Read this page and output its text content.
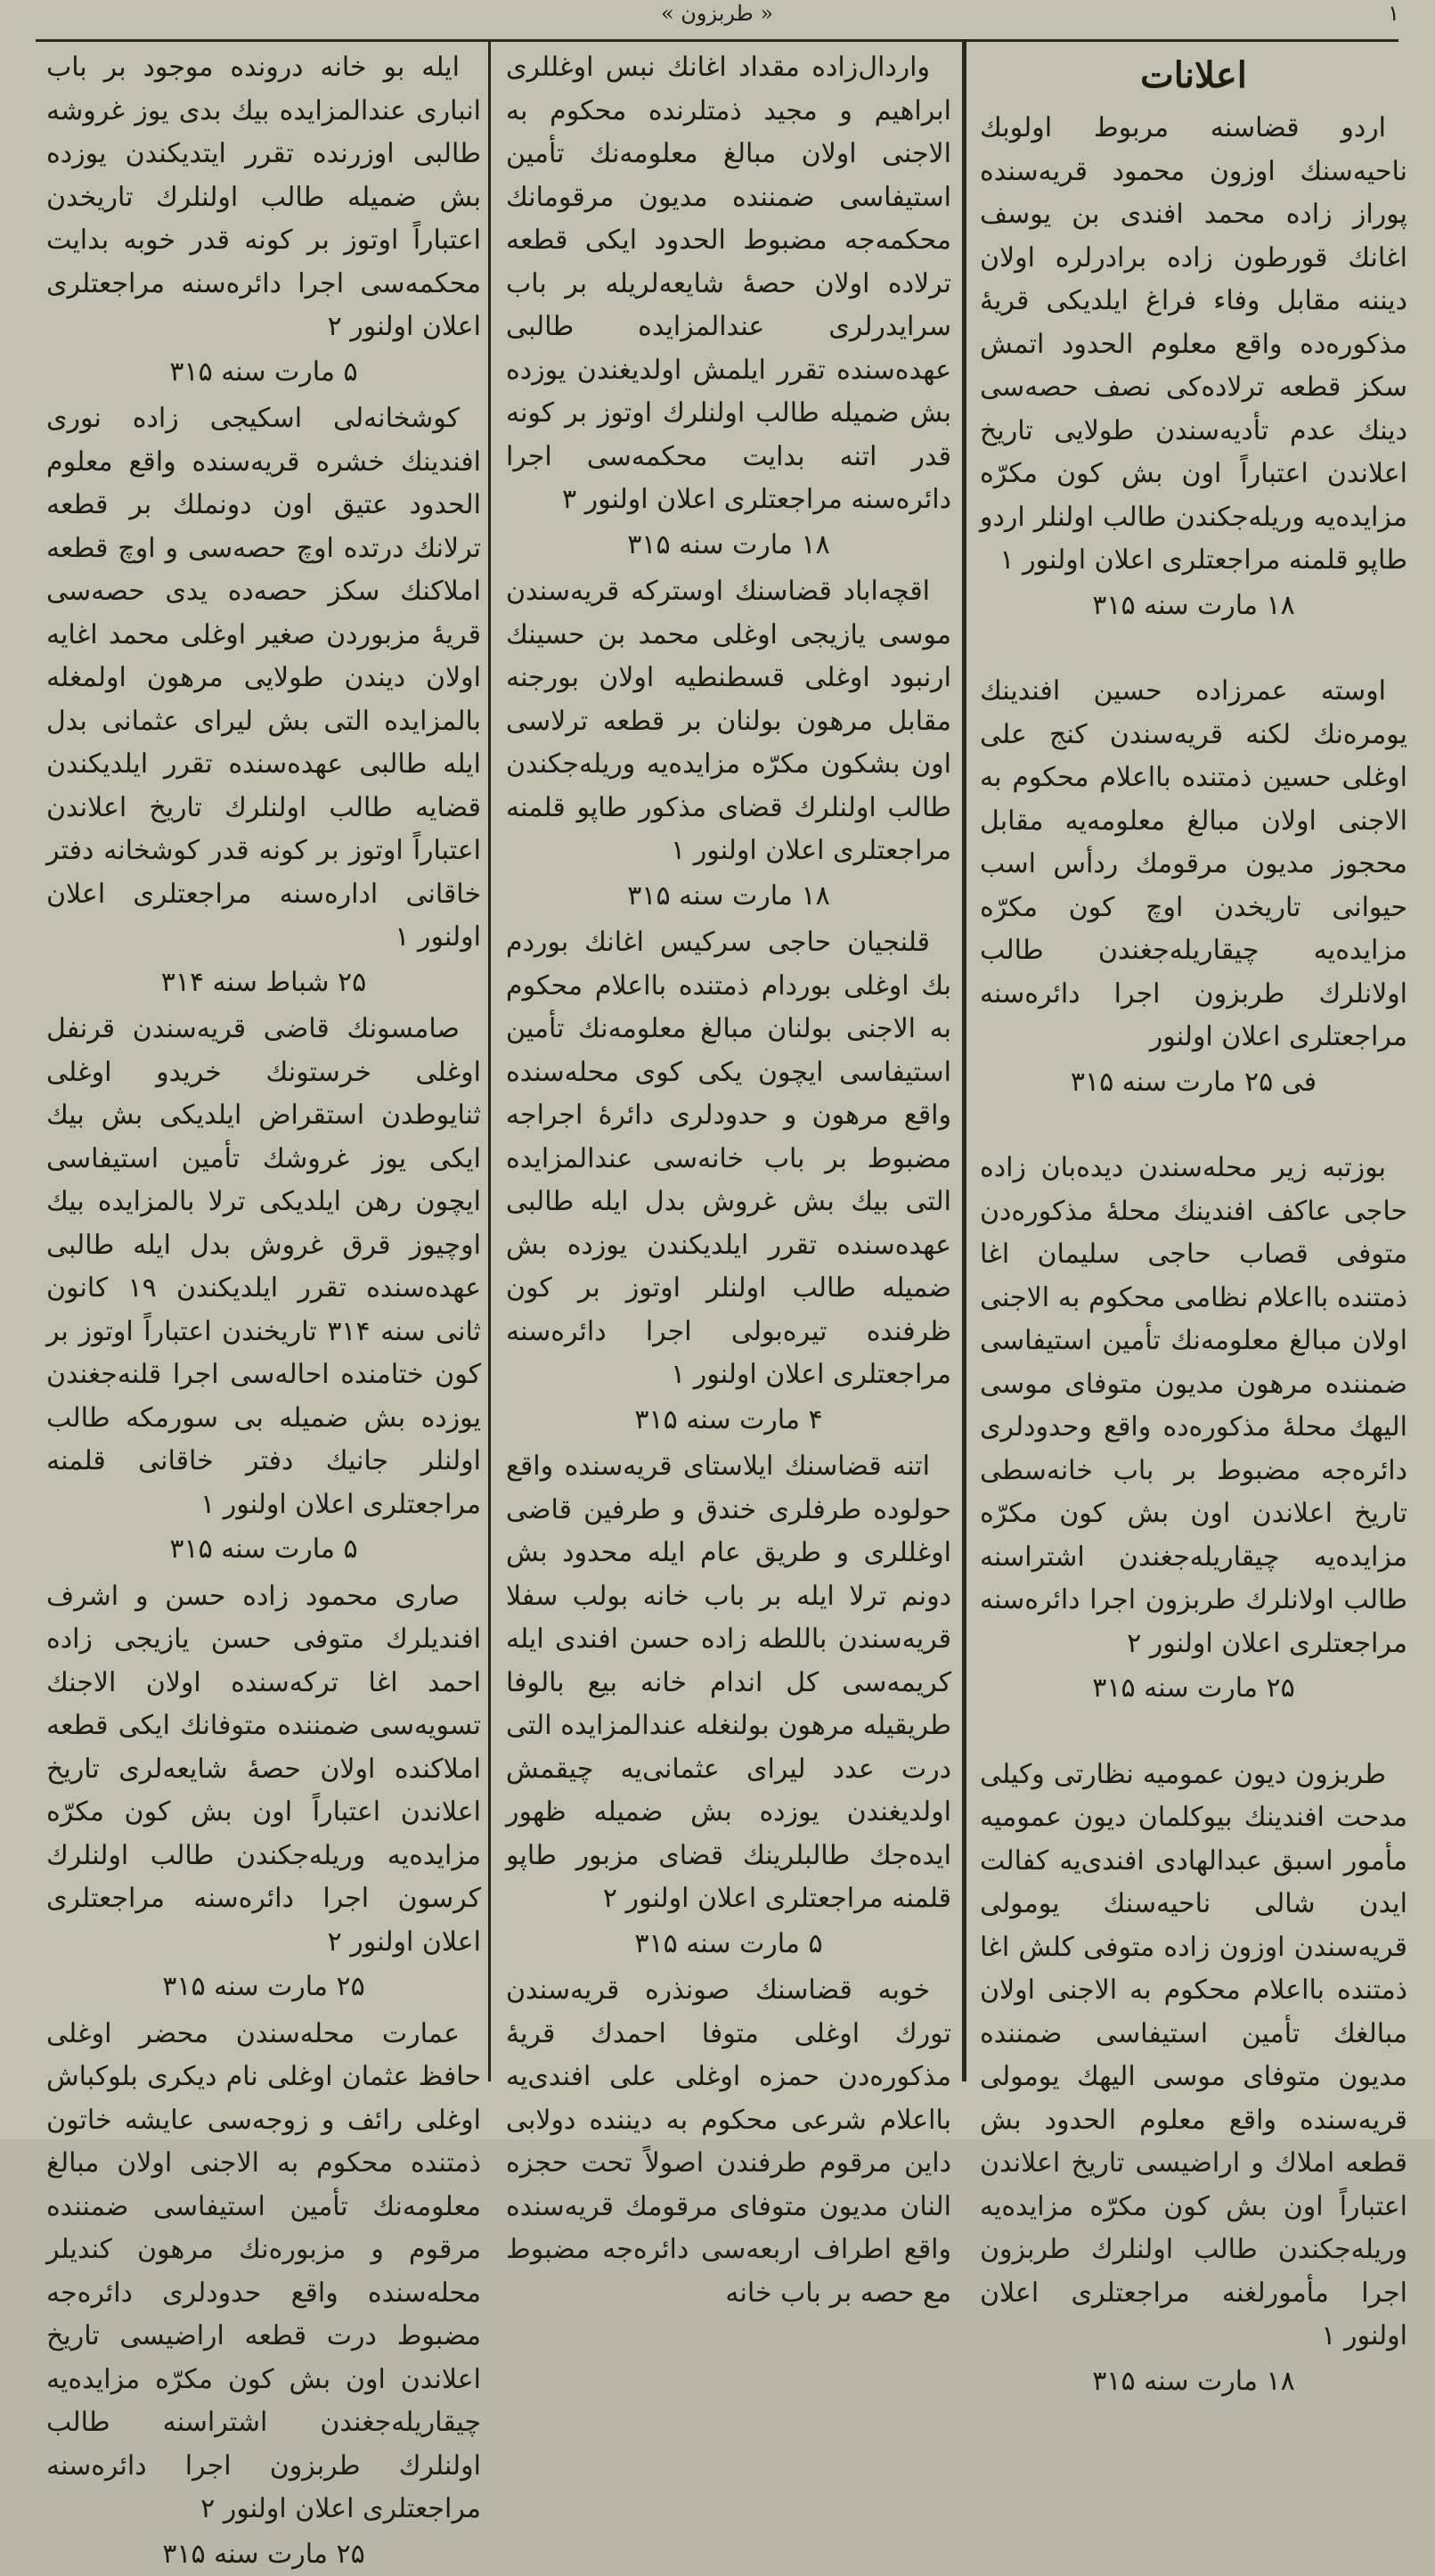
۱
« طربزون »
اعلانات

اردو قضاسنه مربوط اولوبك ناحیه‌سنك اوزون محمود قریه‌سنده پوراز زاده محمد افندی بن یوسف اغانك قورطون زاده برادرلره اولان دیننه مقابل وفاء فراغ ایلدیکی قریهٔ مذکوره‌ده واقع معلوم الحدود اتمش سکز قطعه ترلاده‌کی نصف حصه‌سی دینك عدم تأدیه‌سندن طولایی تاریخ اعلاندن اعتباراً اون بش کون مکرّه مزایده‌یه وریله‌جکندن طالب اولنلر اردو طاپو قلمنه مراجعتلری اعلان اولنور ۱

۱۸ مارت سنه ۳۱۵

اوسته عمرزاده حسین افندینك یومره‌نك لکنه قریه‌سندن کنج علی اوغلی حسین ذمتنده بااعلام محکوم به الاجنی اولان مبالغ معلومه‌یه مقابل محجوز مدیون مرقومك ردأس اسب حیوانی تاریخدن اوچ کون مکرّه مزایده‌یه چیقاریله‌جغندن طالب اولانلرك طربزون اجرا دائره‌سنه مراجعتلری اعلان اولنور

فی ۲۵ مارت سنه ۳۱۵

بوزتبه زیر محله‌سندن دیده‌بان زاده حاجی عاکف افندینك محلهٔ مذکوره‌دن متوفی قصاب حاجی سلیمان اغا ذمتنده بااعلام نظامی محکوم به الاجنی اولان مبالغ معلومه‌نك تأمین استیفاسی ضمننده مرهون مدیون متوفای موسی الیهك محلهٔ مذکوره‌ده واقع وحدودلری دائره‌جه مضبوط بر باب خانه‌سطی تاریخ اعلاندن اون بش کون مکرّه مزایده‌یه چیقاریله‌جغندن اشتراسنه طالب اولانلرك طربزون اجرا دائره‌سنه مراجعتلری اعلان اولنور ۲

۲۵ مارت سنه ۳۱۵

طربزون دیون عمومیه نظارتی وکیلی مدحت افندینك بیوکلمان دیون عمومیه مأمور اسبق عبدالهادی افندی‌یه کفالت ایدن شالی ناحیه‌سنك یومولی قریه‌سندن اوزون زاده متوفی کلش اغا ذمتنده بااعلام محکوم به الاجنی اولان مبالغك تأمین استیفاسی ضمننده مدیون متوفای موسی الیهك یومولی قریه‌سنده واقع معلوم الحدود بش قطعه املاك و اراضیسی تاریخ اعلاندن اعتباراً اون بش کون مکرّه مزایده‌یه وریله‌جکندن طالب اولنلرك طربزون اجرا مأمورلغنه مراجعتلری اعلان اولنور ۱

۱۸ مارت سنه ۳۱۵

واردال‌زاده مقداد اغانك نبس اوغللری ابراهیم و مجید ذمتلرنده محکوم به الاجنی اولان مبالغ معلومه‌نك تأمین استیفاسی ضمننده مدیون مرقومانك محکمه‌جه مضبوط الحدود ایکی قطعه ترلاده اولان حصهٔ شایعه‌لریله بر باب سرایدرلری عندالمزایده طالبی عهده‌سنده تقرر ایلمش اولدیغندن یوزده بش ضمیله طالب اولنلرك اوتوز بر کونه قدر اتنه بدایت محکمه‌سی اجرا دائره‌سنه مراجعتلری اعلان اولنور ۳

۱۸ مارت سنه ۳۱۵

اقچه‌اباد قضاسنك اوسترکه قریه‌سندن موسی یازیجی اوغلی محمد بن حسینك ارنبود اوغلی قسطنطیه اولان بورجنه مقابل مرهون بولنان بر قطعه ترلاسی اون بشکون مکرّه مزایده‌یه وریله‌جکندن طالب اولنلرك قضای مذکور طاپو قلمنه مراجعتلری اعلان اولنور ۱

۱۸ مارت سنه ۳۱۵

قلنجیان حاجی سرکیس اغانك بوردم بك اوغلی بوردام ذمتنده بااعلام محکوم به الاجنی بولنان مبالغ معلومه‌نك تأمین استیفاسی ایچون یکی کوی محله‌سنده واقع مرهون و حدودلری دائرهٔ اجراجه مضبوط بر باب خانه‌سی عندالمزایده التی بیك بش غروش بدل ایله طالبی عهده‌سنده تقرر ایلدیکندن یوزده بش ضمیله طالب اولنلر اوتوز بر کون ظرفنده تیره‌بولی اجرا دائره‌سنه مراجعتلری اعلان اولنور ۱

۴ مارت سنه ۳۱۵

اتنه قضاسنك ایلاستای قریه‌سنده واقع حولوده طرفلری خندق و طرفین قاضی اوغللری و طریق عام ایله محدود بش دونم ترلا ایله بر باب خانه بولب سفلا قریه‌سندن باللطه زاده حسن افندی ایله کریمه‌سی کل اندام خانه بیع بالوفا طریقیله مرهون بولنغله عندالمزایده التی درت عدد لیرای عثمانی‌یه چیقمش اولدیغندن یوزده بش ضمیله ظهور ایده‌جك طالبلرینك قضای مزبور طاپو قلمنه مراجعتلری اعلان اولنور ۲

۵ مارت سنه ۳۱۵

خوبه قضاسنك صونذره قریه‌سندن تورك اوغلی متوفا احمدك قریهٔ مذکوره‌دن حمزه اوغلی علی افندی‌یه بااعلام شرعی محکوم به دیننده دولابی داین مرقوم طرفندن اصولاً تحت حجزه النان مدیون متوفای مرقومك قریه‌سنده واقع اطراف اربعه‌سی دائره‌جه مضبوط مع حصه بر باب خانه

ایله بو خانه درونده موجود بر باب انباری عندالمزایده بیك بدی یوز غروشه طالبی اوزرنده تقرر ایتدیکندن یوزده بش ضمیله طالب اولنلرك تاریخدن اعتباراً اوتوز بر کونه قدر خوبه بدایت محکمه‌سی اجرا دائره‌سنه مراجعتلری اعلان اولنور ۲

۵ مارت سنه ۳۱۵

کوشخانه‌لی اسکیجی زاده نوری افندینك خشره قریه‌سنده واقع معلوم الحدود عتیق اون دونملك بر قطعه ترلانك درتده اوچ حصه‌سی و اوچ قطعه املاکنك سکز حصه‌ده یدی حصه‌سی قریهٔ مزبوردن صغیر اوغلی محمد اغایه اولان دیندن طولایی مرهون اولمغله بالمزایده التی بش لیرای عثمانی بدل ایله طالبی عهده‌سنده تقرر ایلدیکندن قضایه طالب اولنلرك تاریخ اعلاندن اعتباراً اوتوز بر کونه قدر کوشخانه دفتر خاقانی اداره‌سنه مراجعتلری اعلان اولنور ۱

۲۵ شباط سنه ۳۱۴

صامسونك قاضی قریه‌سندن قرنفل اوغلی خرستونك خریدو اوغلی ثنایوطدن استقراض ایلدیکی بش بیك ایکی یوز غروشك تأمین استیفاسی ایچون رهن ایلدیکی ترلا بالمزایده بیك اوچیوز قرق غروش بدل ایله طالبی عهده‌سنده تقرر ایلدیکندن ۱۹ کانون ثانی سنه ۳۱۴ تاریخندن اعتباراً اوتوز بر کون ختامنده احاله‌سی اجرا قلنه‌جغندن یوزده بش ضمیله بی سورمکه طالب اولنلر جانیك دفتر خاقانی قلمنه مراجعتلری اعلان اولنور ۱

۵ مارت سنه ۳۱۵

صاری محمود زاده حسن و اشرف افندیلرك متوفی حسن یازیجی زاده احمد اغا ترکه‌سنده اولان الاجنك تسویه‌سی ضمننده متوفانك ایکی قطعه املاکنده اولان حصهٔ شایعه‌لری تاریخ اعلاندن اعتباراً اون بش کون مکرّه مزایده‌یه وریله‌جکندن طالب اولنلرك کرسون اجرا دائره‌سنه مراجعتلری اعلان اولنور ۲

۲۵ مارت سنه ۳۱۵

عمارت محله‌سندن محضر اوغلی حافظ عثمان اوغلی نام دیکری بلوکباش اوغلی رائف و زوجه‌سی عایشه خاتون ذمتنده محکوم به الاجنی اولان مبالغ معلومه‌نك تأمین استیفاسی ضمننده مرقوم و مزبوره‌نك مرهون کندیلر محله‌سنده واقع حدودلری دائره‌جه مضبوط درت قطعه اراضیسی تاریخ اعلاندن اون بش کون مکرّه مزایده‌یه چیقاریله‌جغندن اشتراسنه طالب اولنلرك طربزون اجرا دائره‌سنه مراجعتلری اعلان اولنور ۲

۲۵ مارت سنه ۳۱۵
